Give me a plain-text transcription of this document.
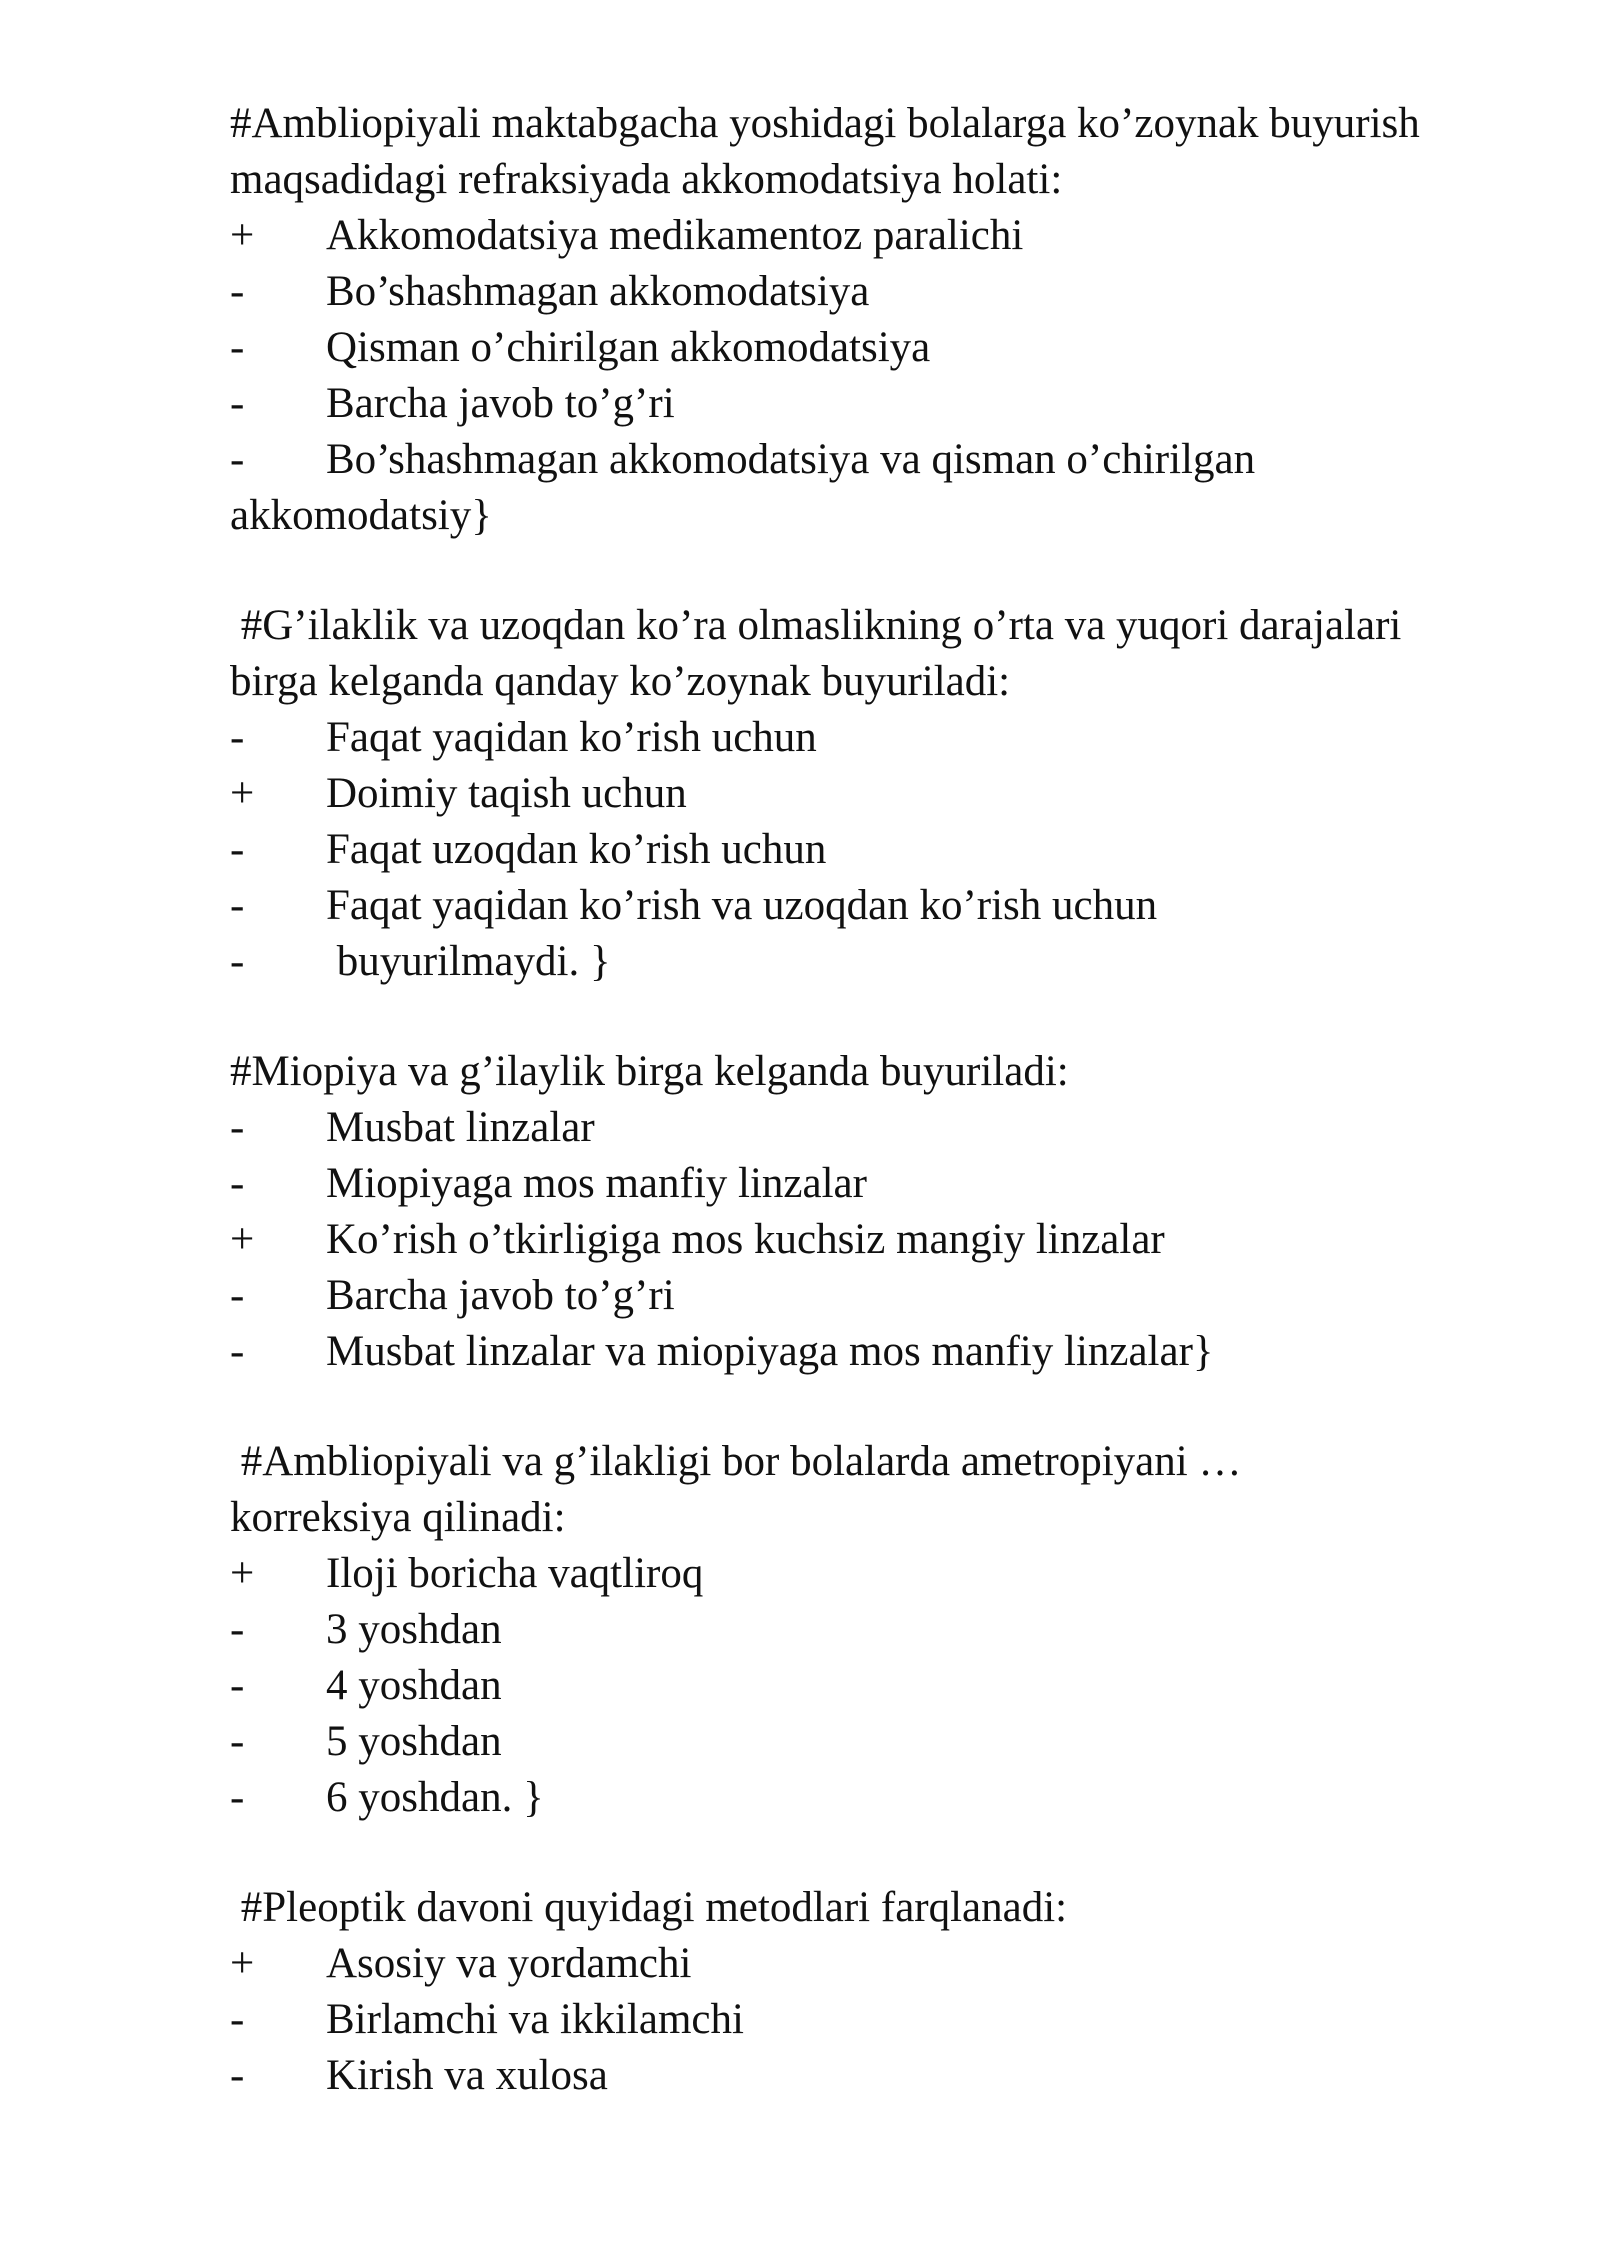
#Ambliopiyali maktabgacha yoshidagi bolalarga ko’zoynak buyurish maqsadidagi refraksiyada akkomodatsiya holati:

+	Akkomodatsiya medikamentoz paralichi
-	Bo’shashmagan akkomodatsiya
-	Qisman o’chirilgan akkomodatsiya
-	Barcha javob to’g’ri
-	Bo’shashmagan akkomodatsiya va qisman o’chirilgan
akkomodatsiy}

#G’ilaklik va uzoqdan ko’ra olmaslikning o’rta va yuqori darajalari birga kelganda qanday ko’zoynak buyuriladi:

-	Faqat yaqidan ko’rish uchun
+	Doimiy taqish uchun
-	Faqat uzoqdan ko’rish uchun
-	Faqat yaqidan ko’rish va uzoqdan ko’rish uchun
-	buyurilmaydi. }

#Miopiya va g’ilaylik birga kelganda buyuriladi:

-	Musbat linzalar
-	Miopiyaga mos manfiy linzalar
+	Ko’rish o’tkirligiga mos kuchsiz mangiy linzalar
-	Barcha javob to’g’ri
-	Musbat linzalar va miopiyaga mos manfiy linzalar}

#Ambliopiyali va g’ilakligi bor bolalarda ametropiyani … korreksiya qilinadi:

+	Iloji boricha vaqtliroq
-	3 yoshdan
-	4 yoshdan
-	5 yoshdan
-	6 yoshdan. }

#Pleoptik davoni quyidagi metodlari farqlanadi:

+	Asosiy va yordamchi
-	Birlamchi va ikkilamchi
-	Kirish va xulosa
